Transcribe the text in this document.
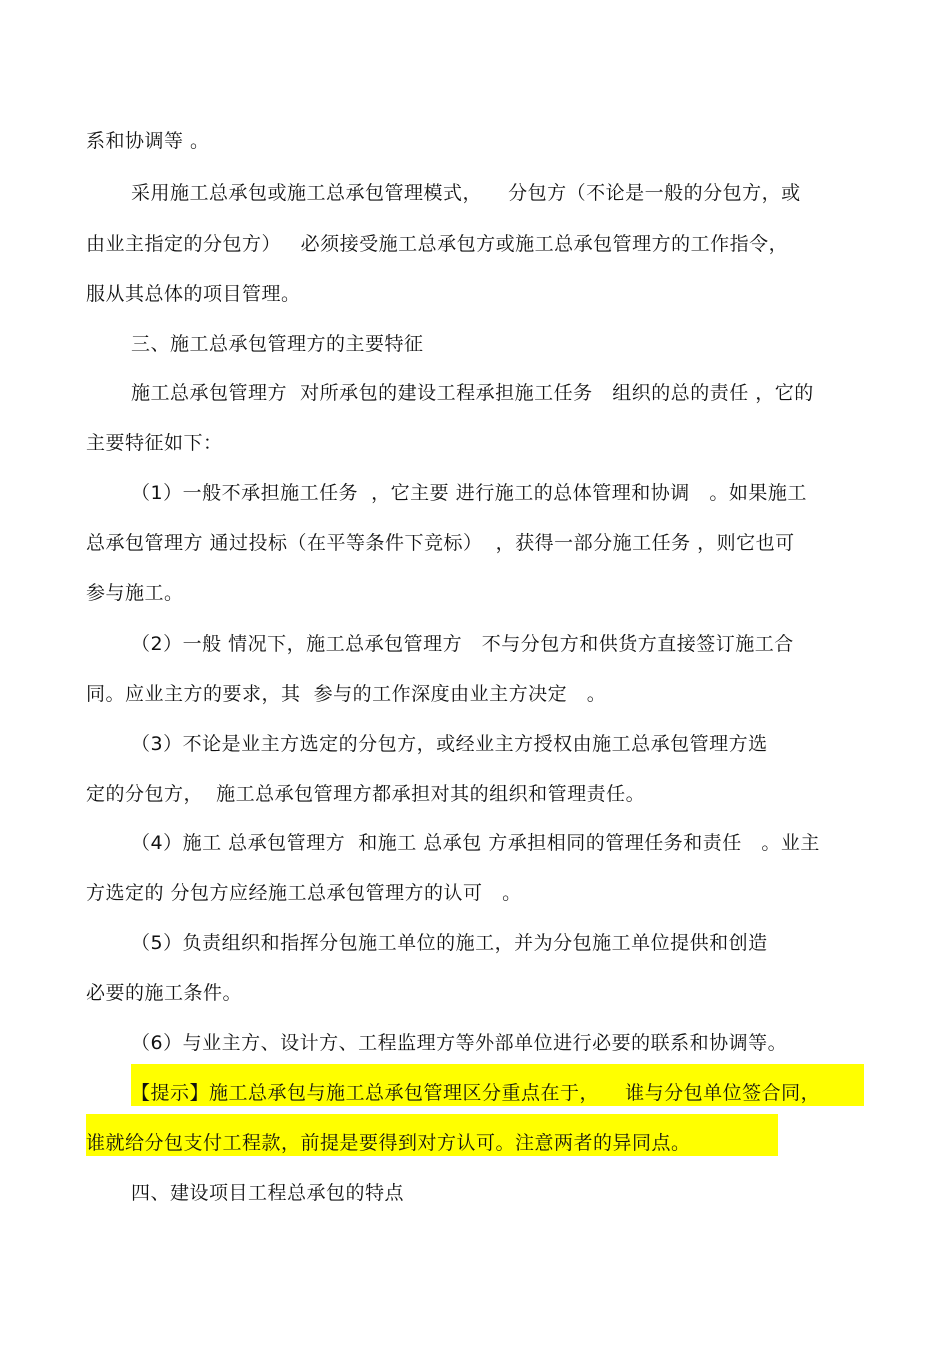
系和协调等 。
采用施工总承包或施工总承包管理模式，    分包方（不论是一般的分包方，或
由业主指定的分包方）   必须接受施工总承包方或施工总承包管理方的工作指令，
服从其总体的项目管理。
三、施工总承包管理方的主要特征
施工总承包管理方  对所承包的建设工程承担施工任务   组织的总的责任 ，它的
主要特征如下：
（1）一般不承担施工任务  ，它主要 进行施工的总体管理和协调   。如果施工
总承包管理方 通过投标（在平等条件下竞标）  ，获得一部分施工任务 ，则它也可
参与施工。
（2）一般 情况下，施工总承包管理方   不与分包方和供货方直接签订施工合
同。应业主方的要求，其  参与的工作深度由业主方决定   。
（3）不论是业主方选定的分包方，或经业主方授权由施工总承包管理方选
定的分包方，  施工总承包管理方都承担对其的组织和管理责任。
（4）施工 总承包管理方  和施工 总承包 方承担相同的管理任务和责任   。业主
方选定的 分包方应经施工总承包管理方的认可   。
（5）负责组织和指挥分包施工单位的施工，并为分包施工单位提供和创造
必要的施工条件。
（6）与业主方、设计方、工程监理方等外部单位进行必要的联系和协调等。
【提示】施工总承包与施工总承包管理区分重点在于，    谁与分包单位签合同，
谁就给分包支付工程款，前提是要得到对方认可。注意两者的异同点。
四、建设项目工程总承包的特点
